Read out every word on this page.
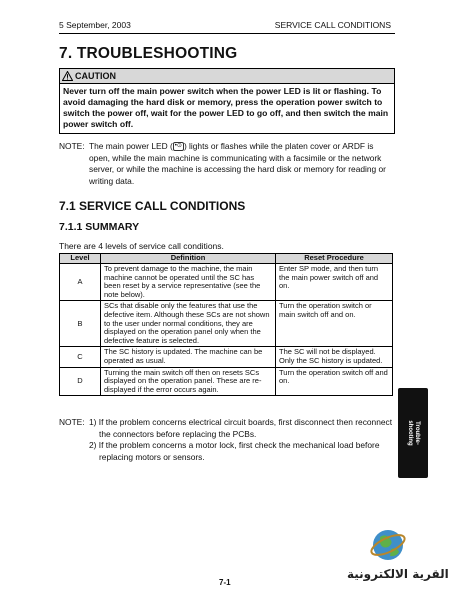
5 September, 2003	SERVICE CALL CONDITIONS
7. TROUBLESHOOTING
CAUTION
Never turn off the main power switch when the power LED is lit or flashing. To avoid damaging the hard disk or memory, press the operation power switch to switch the power off, wait for the power LED to go off, and then switch the main power switch off.
NOTE: The main power LED ( •⊙ ) lights or flashes while the platen cover or ARDF is open, while the main machine is communicating with a facsimile or the network server, or while the machine is accessing the hard disk or memory for reading or writing data.
7.1 SERVICE CALL CONDITIONS
7.1.1 SUMMARY
There are 4 levels of service call conditions.
Level	Definition	Reset Procedure
A	To prevent damage to the machine, the main machine cannot be operated until the SC has been reset by a service representative (see the note below).	Enter SP mode, and then turn the main power switch off and on.
B	SCs that disable only the features that use the defective item. Although these SCs are not shown to the user under normal conditions, they are displayed on the operation panel only when the defective feature is selected.	Turn the operation switch or main switch off and on.
C	The SC history is updated. The machine can be operated as usual.	The SC will not be displayed. Only the SC history is updated.
D	Turning the main switch off then on resets SCs displayed on the operation panel. These are re-displayed if the error occurs again.	Turn the operation switch off and on.
NOTE: 1) If the problem concerns electrical circuit boards, first disconnect then reconnect the connectors before replacing the PCBs.
2) If the problem concerns a motor lock, first check the mechanical load before replacing motors or sensors.
Trouble-
shooting
القرية الالكترونية
7-1
